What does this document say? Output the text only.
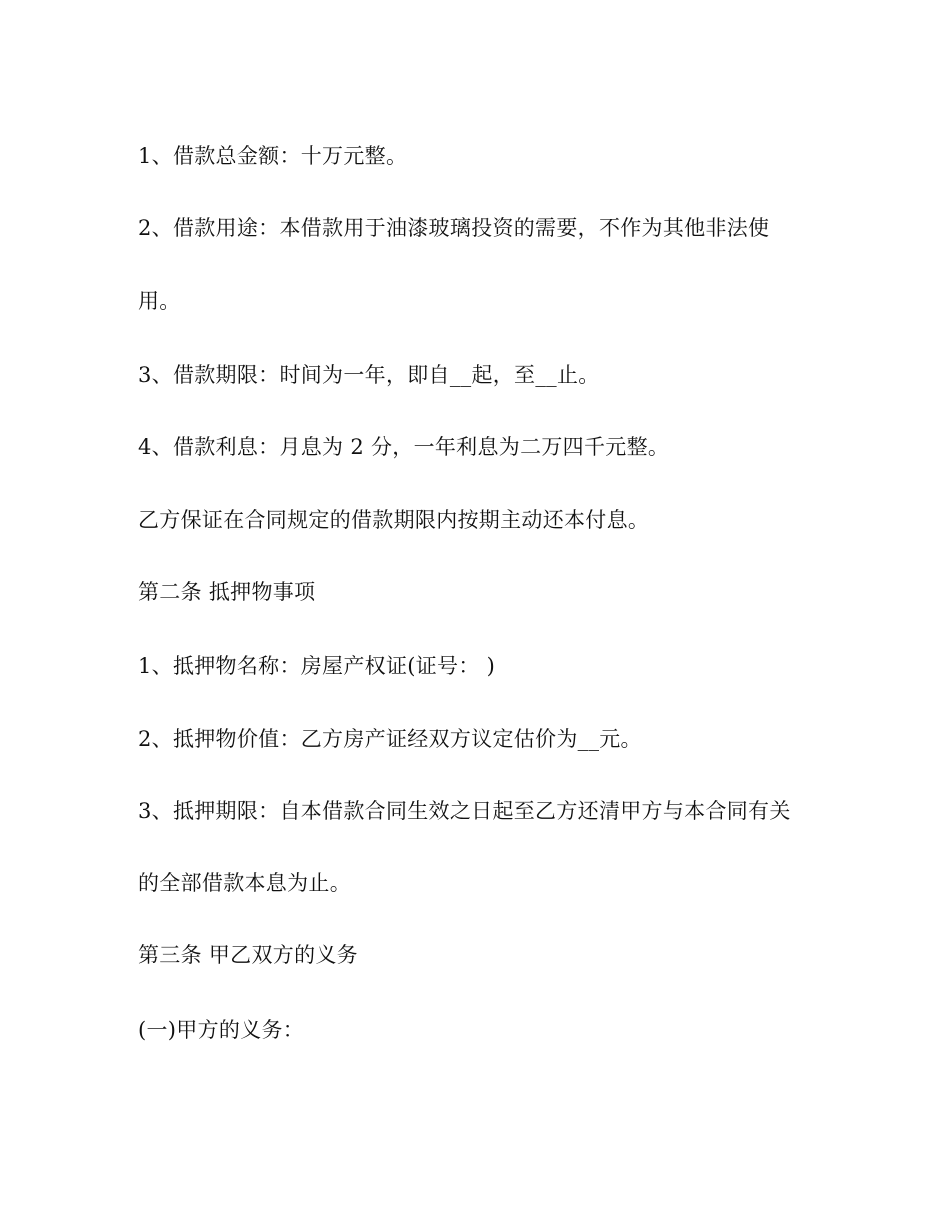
1、借款总金额：十万元整。
2、借款用途：本借款用于油漆玻璃投资的需要，不作为其他非法使
用。
3、借款期限：时间为一年，即自__起，至__止。
4、借款利息：月息为 2 分，一年利息为二万四千元整。
乙方保证在合同规定的借款期限内按期主动还本付息。
第二条 抵押物事项
1、抵押物名称：房屋产权证(证号： )
2、抵押物价值：乙方房产证经双方议定估价为__元。
3、抵押期限：自本借款合同生效之日起至乙方还清甲方与本合同有关
的全部借款本息为止。
第三条 甲乙双方的义务
(一)甲方的义务：
